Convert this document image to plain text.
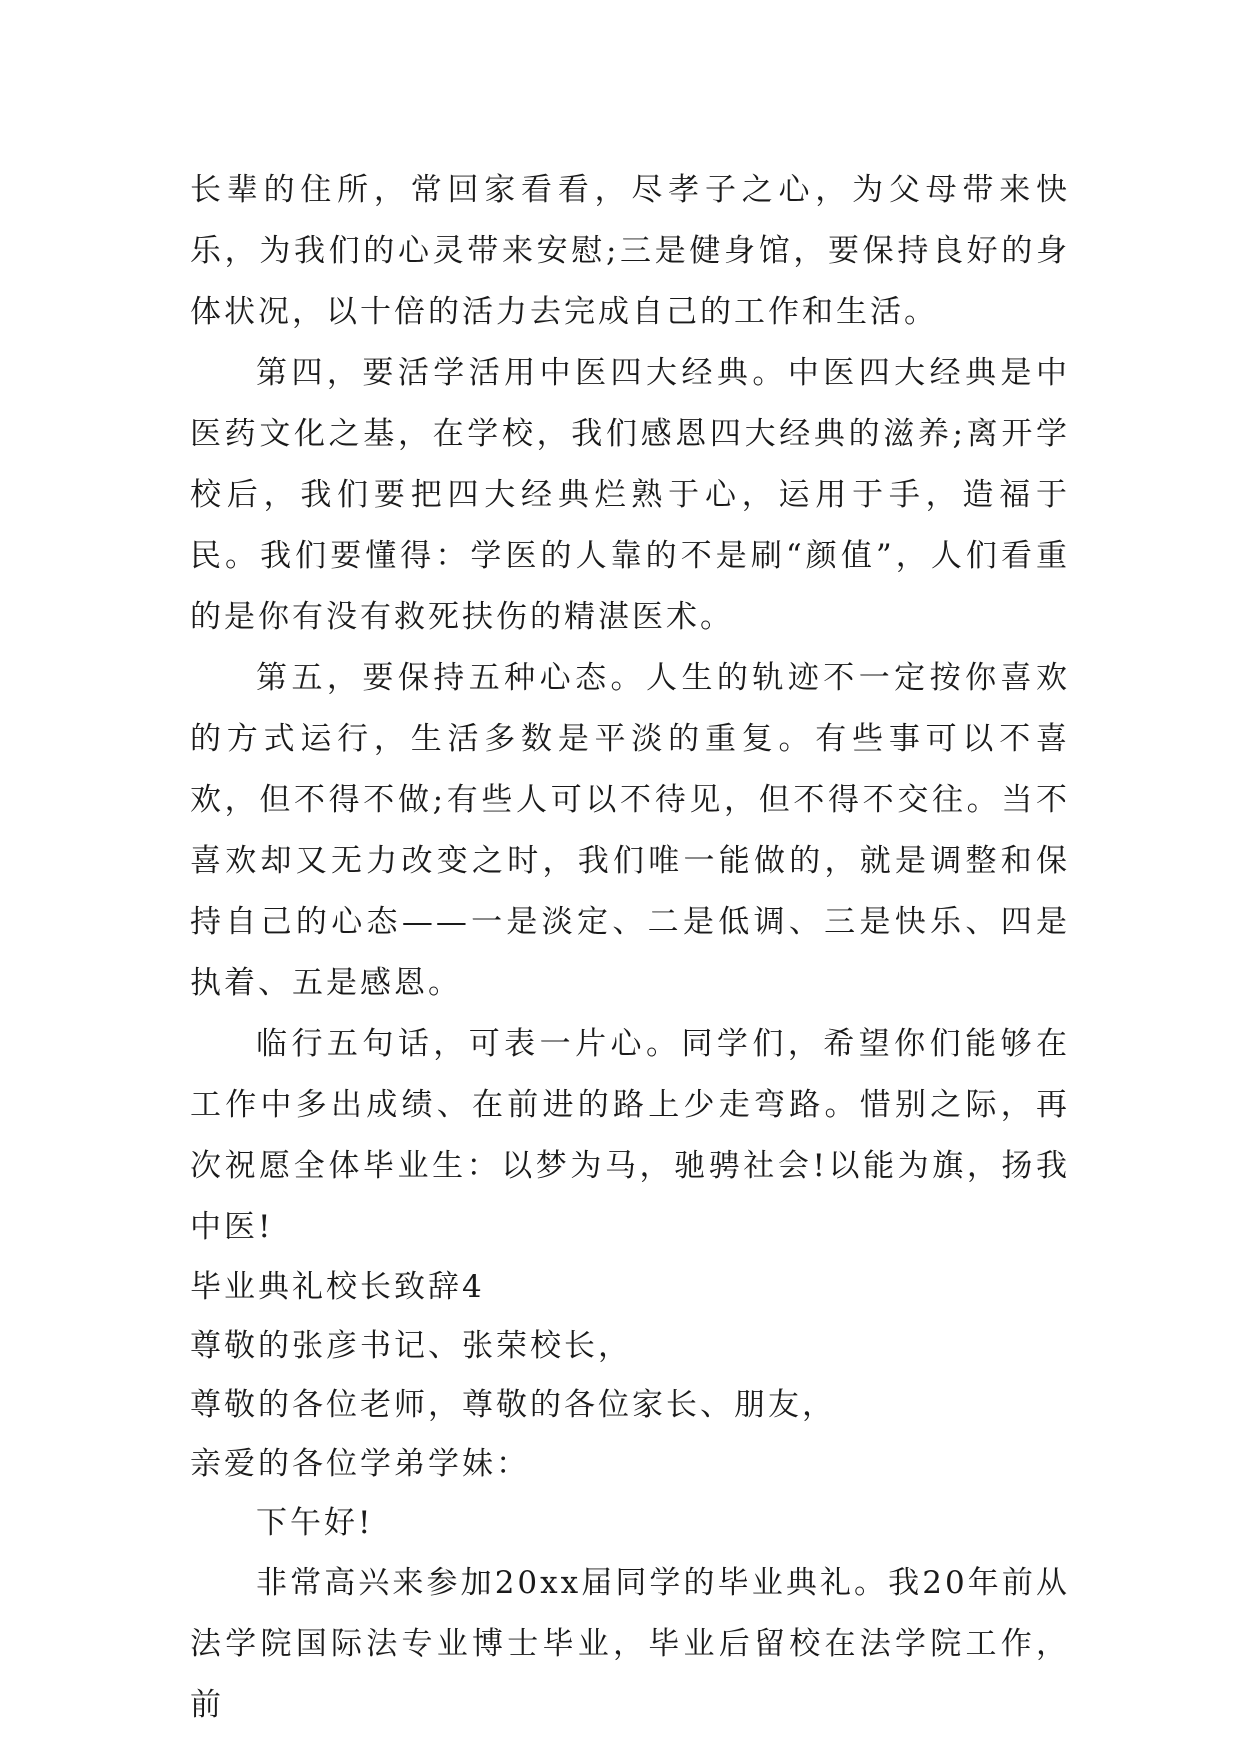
长辈的住所，常回家看看，尽孝子之心，为父母带来快乐，为我们的心灵带来安慰;三是健身馆，要保持良好的身体状况，以十倍的活力去完成自己的工作和生活。

第四，要活学活用中医四大经典。中医四大经典是中医药文化之基，在学校，我们感恩四大经典的滋养;离开学校后，我们要把四大经典烂熟于心，运用于手，造福于民。我们要懂得：学医的人靠的不是刷“颜值”，人们看重的是你有没有救死扶伤的精湛医术。

第五，要保持五种心态。人生的轨迹不一定按你喜欢的方式运行，生活多数是平淡的重复。有些事可以不喜欢，但不得不做;有些人可以不待见，但不得不交往。当不喜欢却又无力改变之时，我们唯一能做的，就是调整和保持自己的心态——一是淡定、二是低调、三是快乐、四是执着、五是感恩。

临行五句话，可表一片心。同学们，希望你们能够在工作中多出成绩、在前进的路上少走弯路。惜别之际，再次祝愿全体毕业生：以梦为马，驰骋社会!以能为旗，扬我中医!

毕业典礼校长致辞4

尊敬的张彦书记、张荣校长，

尊敬的各位老师，尊敬的各位家长、朋友，

亲爱的各位学弟学妹：

下午好!

非常高兴来参加20xx届同学的毕业典礼。我20年前从法学院国际法专业博士毕业，毕业后留校在法学院工作，前
